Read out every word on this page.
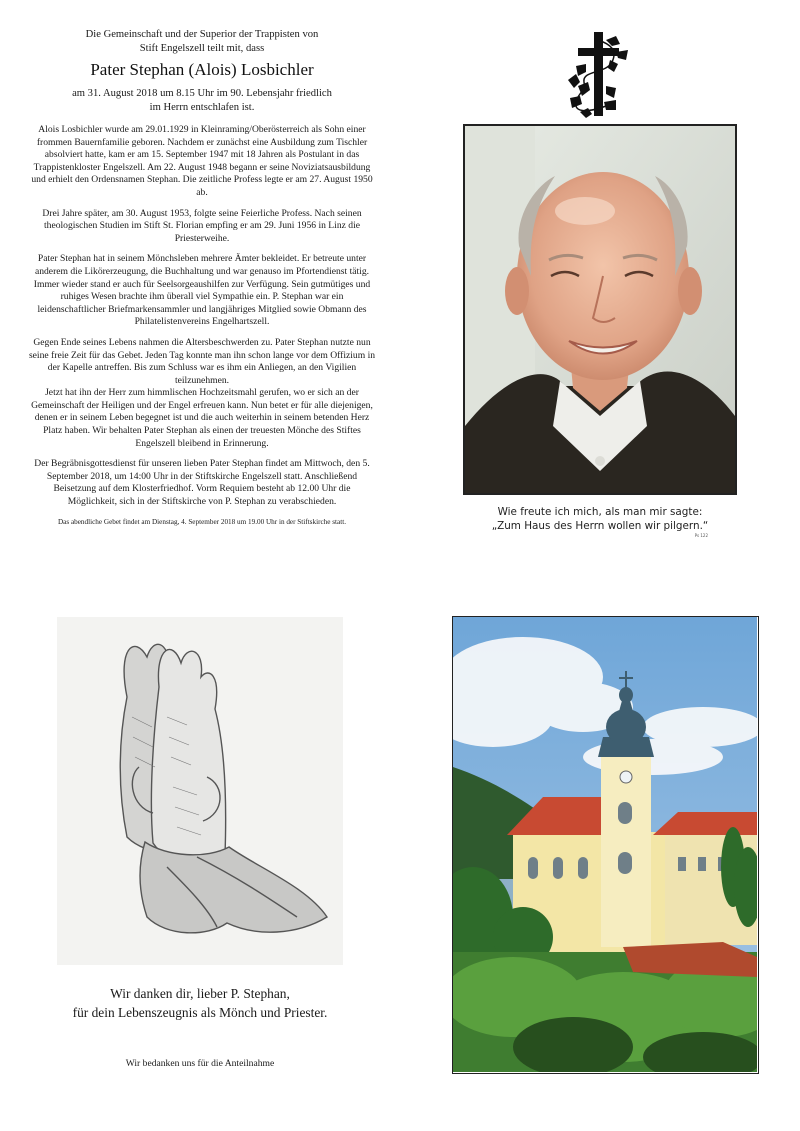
Die Gemeinschaft und der Superior der Trappisten von
Stift Engelszell teilt mit, dass
Pater Stephan (Alois) Losbichler

am 31. August 2018 um 8.15 Uhr im 90. Lebensjahr friedlich
im Herrn entschlafen ist.

Alois Losbichler wurde am 29.01.1929 in Kleinraming/Oberösterreich als Sohn einer frommen Bauernfamilie geboren. Nachdem er zunächst eine Ausbildung zum Tischler absolviert hatte, kam er am 15. September 1947 mit 18 Jahren als Postulant in das Trappistenkloster Engelszell. Am 22. August 1948 begann er seine Noviziatsausbildung und erhielt den Ordensnamen Stephan. Die zeitliche Profess legte er am 27. August 1950 ab.

Drei Jahre später, am 30. August 1953, folgte seine Feierliche Profess. Nach seinen theologischen Studien im Stift St. Florian empfing er am 29. Juni 1956 in Linz die Priesterweihe.

Pater Stephan hat in seinem Mönchsleben mehrere Ämter bekleidet. Er betreute unter anderem die Likörerzeugung, die Buchhaltung und war genauso im Pfortendienst tätig. Immer wieder stand er auch für Seelsorgeaushilfen zur Verfügung. Sein gutmütiges und ruhiges Wesen brachte ihm überall viel Sympathie ein. P. Stephan war ein leidenschaftlicher Briefmarkensammler und langjähriges Mitglied sowie Obmann des Philatelistenvereins Engelhartszell.

Gegen Ende seines Lebens nahmen die Altersbeschwerden zu. Pater Stephan nutzte nun seine freie Zeit für das Gebet. Jeden Tag konnte man ihn schon lange vor dem Offizium in der Kapelle antreffen. Bis zum Schluss war es ihm ein Anliegen, an den Vigilien teilzunehmen.

Jetzt hat ihn der Herr zum himmlischen Hochzeitsmahl gerufen, wo er sich an der Gemeinschaft der Heiligen und der Engel erfreuen kann. Nun betet er für alle diejenigen, denen er in seinem Leben begegnet ist und die auch weiterhin in seinem betenden Herz Platz haben. Wir behalten Pater Stephan als einen der treuesten Mönche des Stiftes Engelszell bleibend in Erinnerung.

Der Begräbnisgottesdienst für unseren lieben Pater Stephan findet am Mittwoch, den 5. September 2018, um 14:00 Uhr in der Stiftskirche Engelszell statt. Anschließend Beisetzung auf dem Klosterfriedhof. Vorm Requiem besteht ab 12.00 Uhr die Möglichkeit, sich in der Stiftskirche von P. Stephan zu verabschieden.

Das abendliche Gebet findet am Dienstag, 4. September 2018 um 19.00 Uhr in der Stiftskirche statt.
Wie freute ich mich, als man mir sagte:
„Zum Haus des Herrn wollen wir pilgern.“
Ps 122
Wir danken dir, lieber P. Stephan,
für dein Lebenszeugnis als Mönch und Priester.
Wir bedanken uns für die Anteilnahme
